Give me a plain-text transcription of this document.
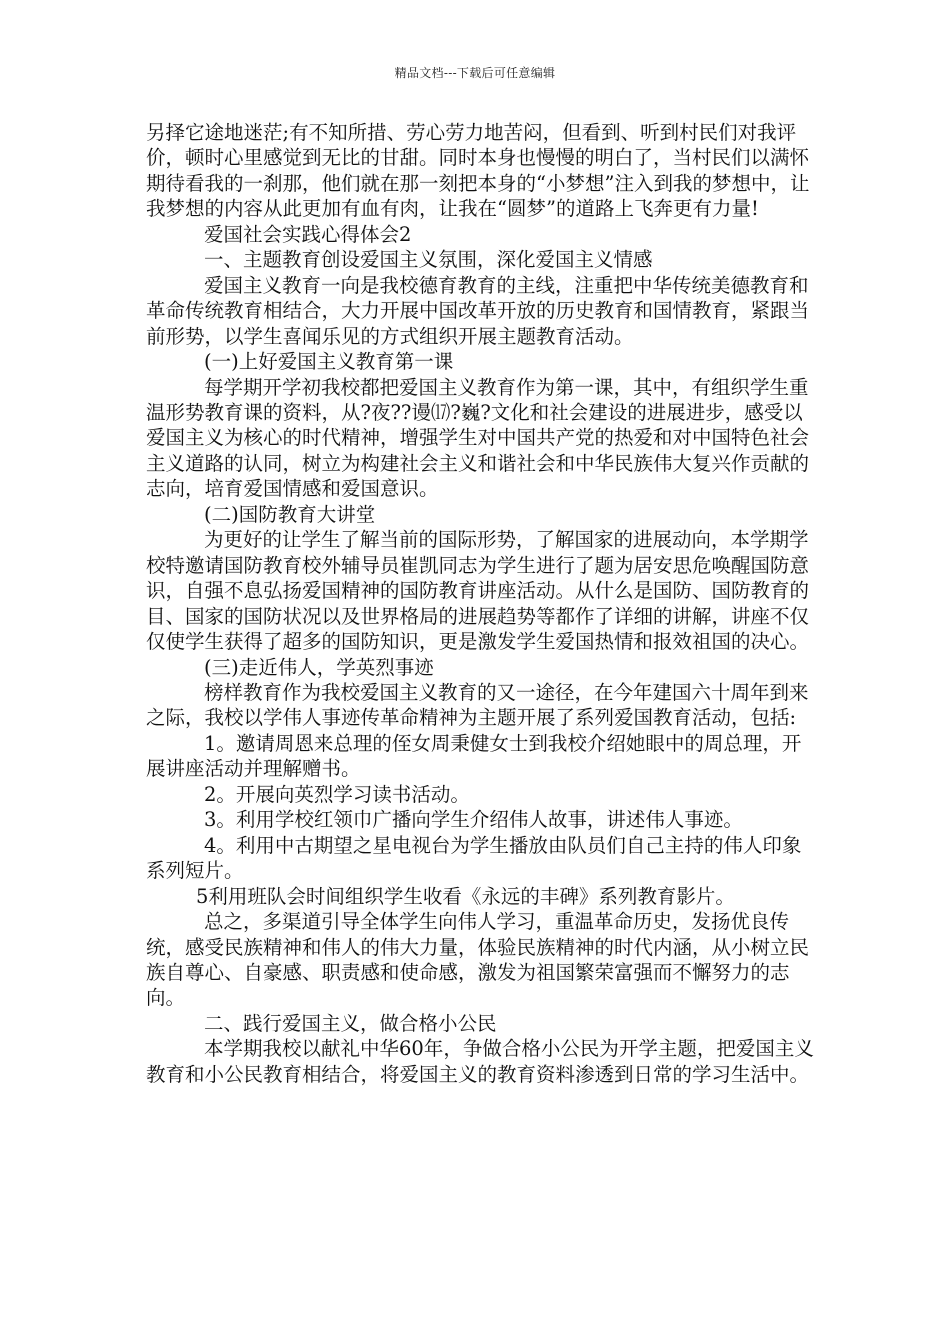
精品文档---下载后可任意编辑

另择它途地迷茫;有不知所措、劳心劳力地苦闷，但看到、听到村民们对我评价，顿时心里感觉到无比的甘甜。同时本身也慢慢的明白了，当村民们以满怀期待看我的一刹那，他们就在那一刻把本身的“小梦想”注入到我的梦想中，让我梦想的内容从此更加有血有肉，让我在“圆梦”的道路上飞奔更有力量!

爱国社会实践心得体会2

一、主题教育创设爱国主义氛围，深化爱国主义情感

爱国主义教育一向是我校德育教育的主线，注重把中华传统美德教育和革命传统教育相结合，大力开展中国改革开放的历史教育和国情教育，紧跟当前形势，以学生喜闻乐见的方式组织开展主题教育活动。

(一)上好爱国主义教育第一课

每学期开学初我校都把爱国主义教育作为第一课，其中，有组织学生重温形势教育课的资料，从?夜??谩⒄?巍?文化和社会建设的进展进步，感受以爱国主义为核心的时代精神，增强学生对中国共产党的热爱和对中国特色社会主义道路的认同，树立为构建社会主义和谐社会和中华民族伟大复兴作贡献的志向，培育爱国情感和爱国意识。

(二)国防教育大讲堂

为更好的让学生了解当前的国际形势，了解国家的进展动向，本学期学校特邀请国防教育校外辅导员崔凯同志为学生进行了题为居安思危唤醒国防意识，自强不息弘扬爱国精神的国防教育讲座活动。从什么是国防、国防教育的目、国家的国防状况以及世界格局的进展趋势等都作了详细的讲解，讲座不仅仅使学生获得了超多的国防知识，更是激发学生爱国热情和报效祖国的决心。

(三)走近伟人，学英烈事迹

榜样教育作为我校爱国主义教育的又一途径，在今年建国六十周年到来之际，我校以学伟人事迹传革命精神为主题开展了系列爱国教育活动，包括:

1。邀请周恩来总理的侄女周秉健女士到我校介绍她眼中的周总理，开展讲座活动并理解赠书。

2。开展向英烈学习读书活动。

3。利用学校红领巾广播向学生介绍伟人故事，讲述伟人事迹。

4。利用中古期望之星电视台为学生播放由队员们自己主持的伟人印象系列短片。

5利用班队会时间组织学生收看《永远的丰碑》系列教育影片。

总之，多渠道引导全体学生向伟人学习，重温革命历史，发扬优良传统，感受民族精神和伟人的伟大力量，体验民族精神的时代内涵，从小树立民族自尊心、自豪感、职责感和使命感，激发为祖国繁荣富强而不懈努力的志向。

二、践行爱国主义，做合格小公民

本学期我校以献礼中华60年，争做合格小公民为开学主题，把爱国主义教育和小公民教育相结合，将爱国主义的教育资料渗透到日常的学习生活中。
